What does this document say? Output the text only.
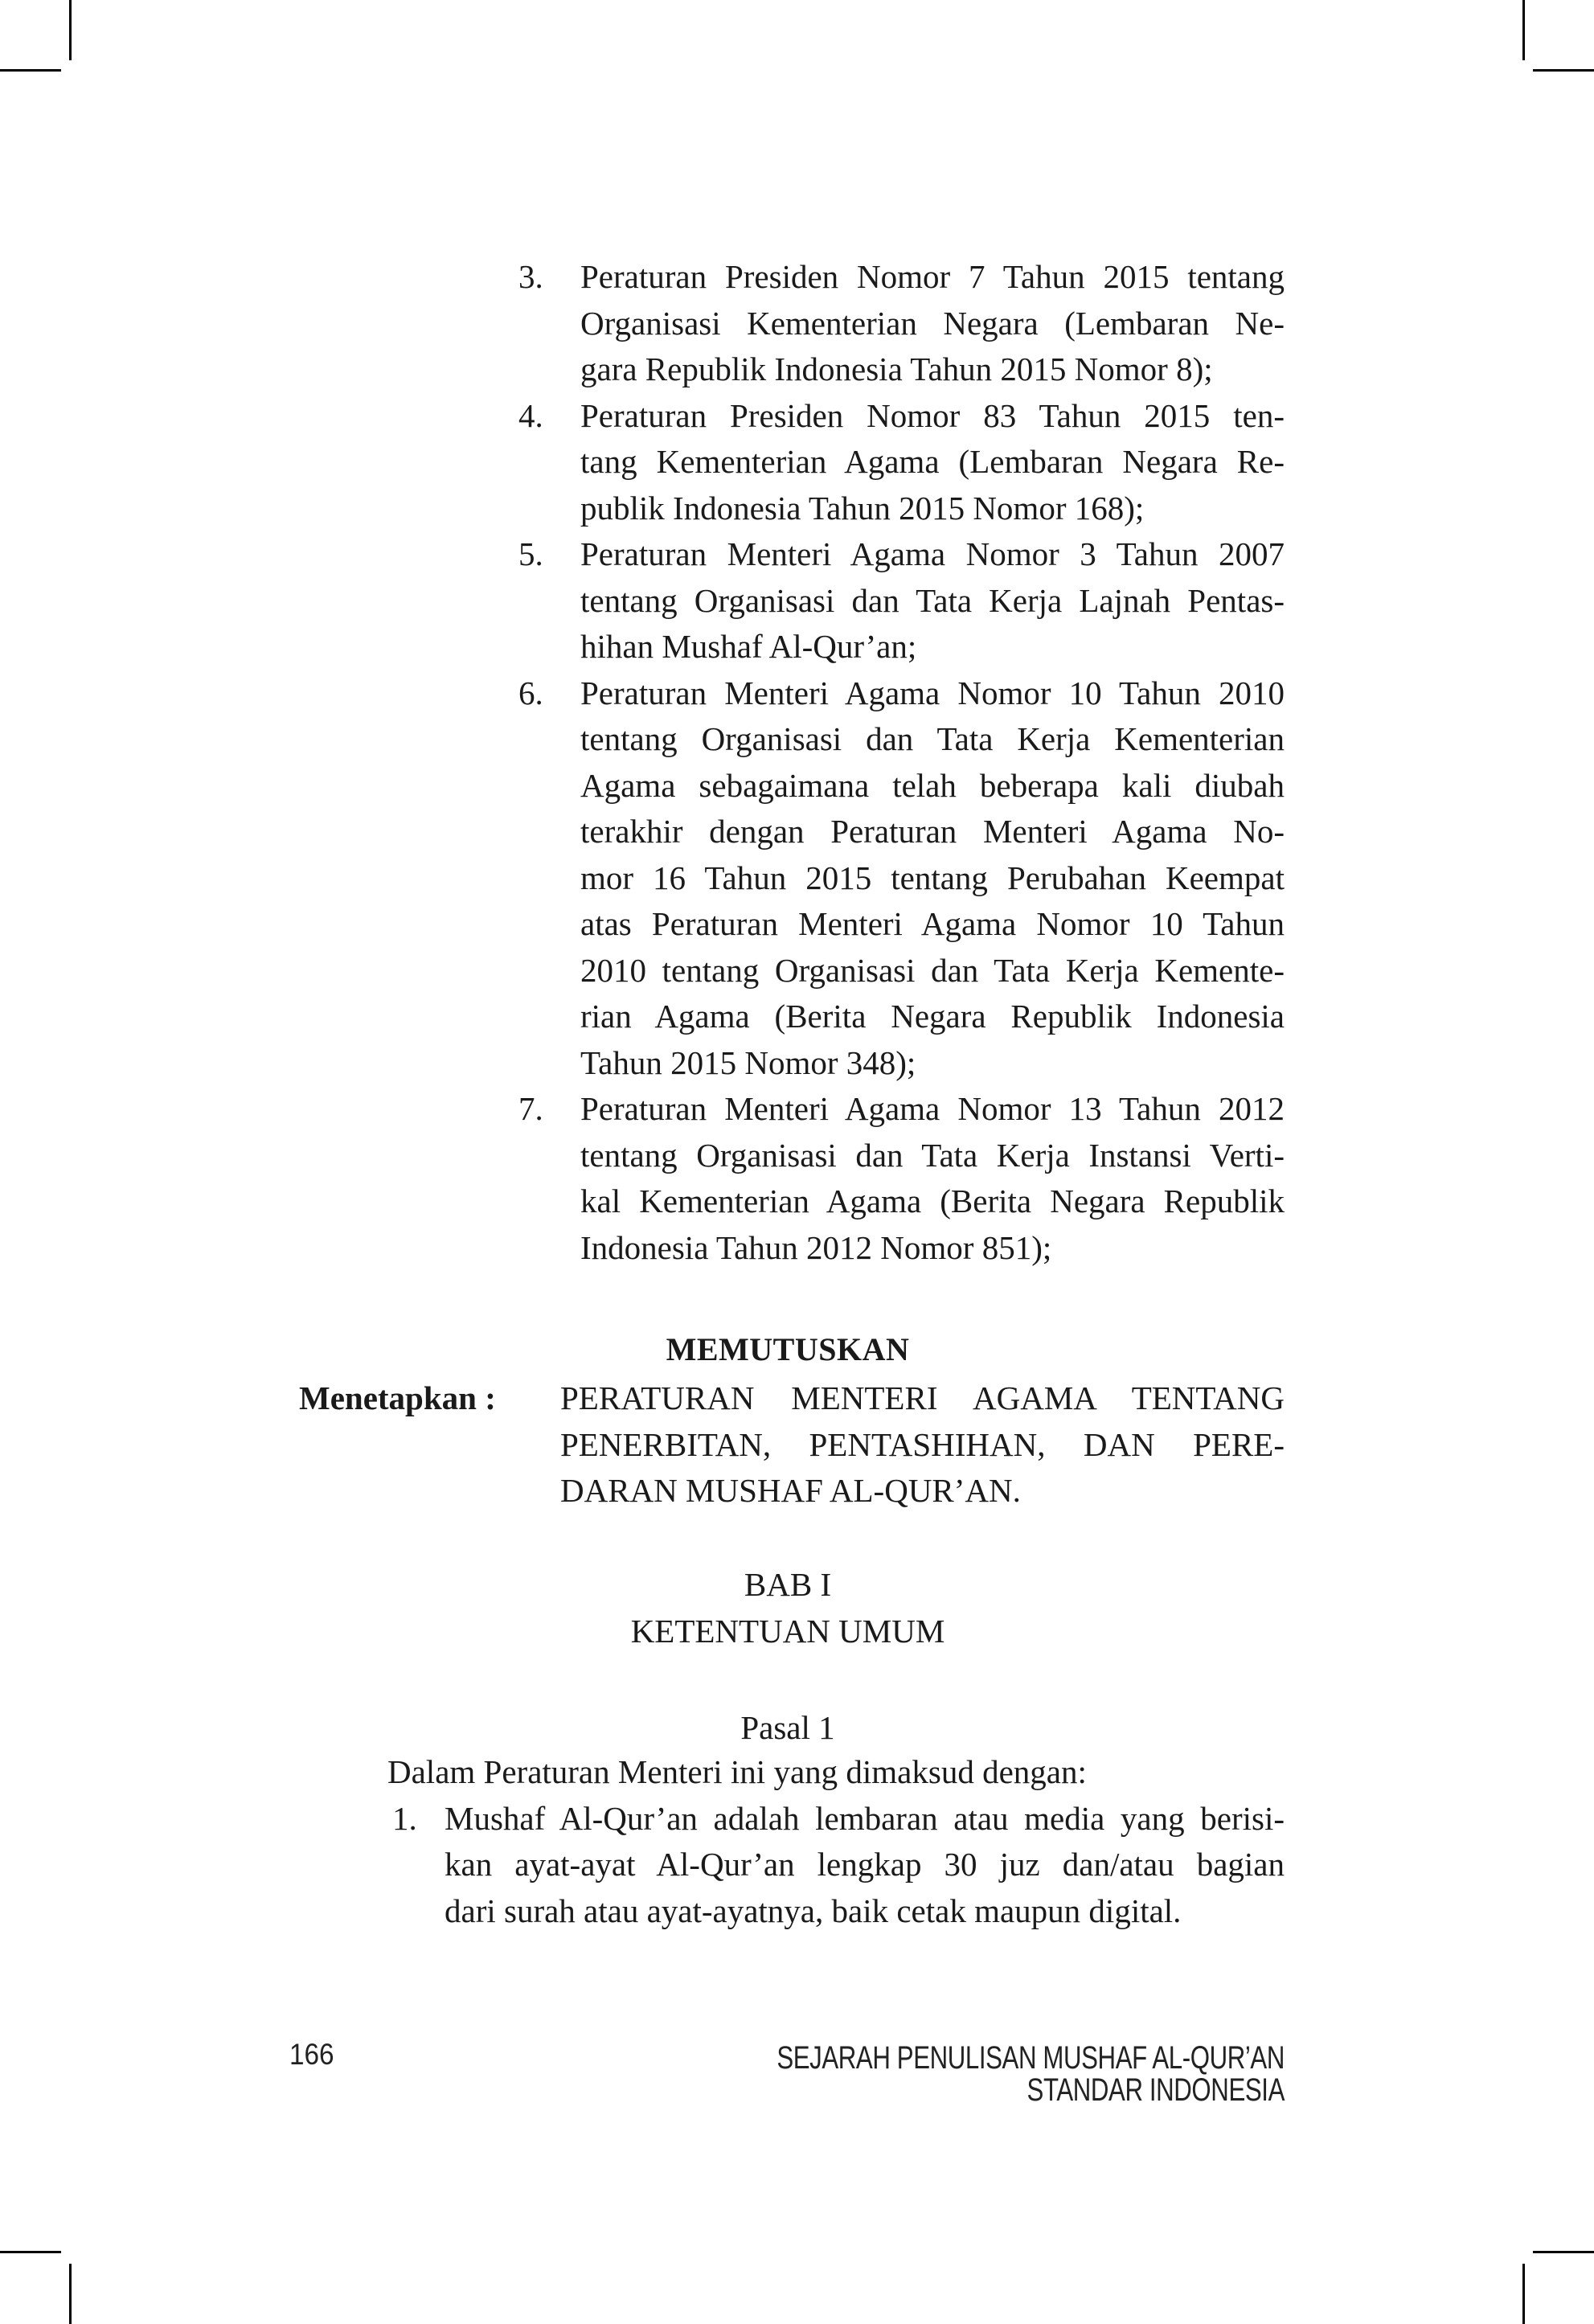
3.	Peraturan Presiden Nomor 7 Tahun 2015 tentang
Organisasi Kementerian Negara (Lembaran Ne-
gara Republik Indonesia Tahun 2015 Nomor 8);
4.	Peraturan Presiden Nomor 83 Tahun 2015 ten-
tang Kementerian Agama (Lembaran Negara Re-
publik Indonesia Tahun 2015 Nomor 168);
5.	Peraturan Menteri Agama Nomor 3 Tahun 2007
tentang Organisasi dan Tata Kerja Lajnah Pentas-
hihan Mushaf Al-Qur’an;
6.	Peraturan Menteri Agama Nomor 10 Tahun 2010
tentang Organisasi dan Tata Kerja Kementerian
Agama sebagaimana telah beberapa kali diubah
terakhir dengan Peraturan Menteri Agama No-
mor 16 Tahun 2015 tentang Perubahan Keempat
atas Peraturan Menteri Agama Nomor 10 Tahun
2010 tentang Organisasi dan Tata Kerja Kemente-
rian Agama (Berita Negara Republik Indonesia
Tahun 2015 Nomor 348);
7.	Peraturan Menteri Agama Nomor 13 Tahun 2012
tentang Organisasi dan Tata Kerja Instansi Verti-
kal Kementerian Agama (Berita Negara Republik
Indonesia Tahun 2012 Nomor 851);
MEMUTUSKAN
Menetapkan : PERATURAN MENTERI AGAMA TENTANG
PENERBITAN, PENTASHIHAN, DAN PERE-
DARAN MUSHAF AL-QUR’AN.
BAB I
KETENTUAN UMUM
Pasal 1
Dalam Peraturan Menteri ini yang dimaksud dengan:
1. Mushaf Al-Qur’an adalah lembaran atau media yang berisi-
kan ayat-ayat Al-Qur’an lengkap 30 juz dan/atau bagian
dari surah atau ayat-ayatnya, baik cetak maupun digital.
166	SEJARAH PENULISAN MUSHAF AL-QUR’AN STANDAR INDONESIA
